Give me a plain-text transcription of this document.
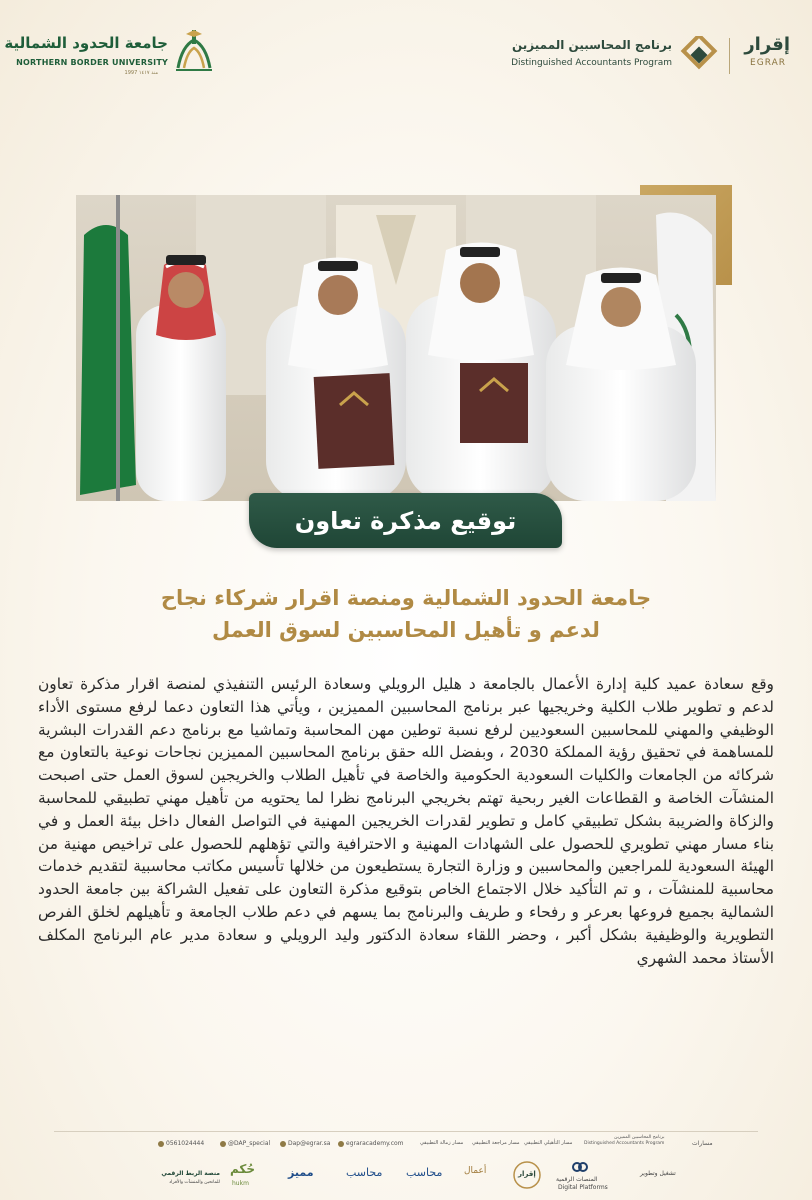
جامعة الحدود الشمالية
NORTHERN BORDER UNIVERSITY
1997 ۱٤۱۷ منذ
إقرار
EGRAR
برنامج المحاسبين المميزين
Distinguished Accountants Program
توقيع مذكرة تعاون
جامعة الحدود الشمالية ومنصة اقرار شركاء نجاح
لدعم و تأهيل المحاسبين لسوق العمل
وقع سعادة عميد كلية إدارة الأعمال بالجامعة د هليل الرويلي وسعادة الرئيس التنفيذي لمنصة اقرار مذكرة تعاون لدعم و تطوير طلاب الكلية وخريجيها عبر برنامج المحاسبين المميزين ، ويأتي هذا التعاون دعما لرفع مستوى الأداء الوظيفي والمهني للمحاسبين السعوديين لرفع نسبة توطين مهن المحاسبة وتماشيا مع برنامج دعم القدرات البشرية للمساهمة في تحقيق رؤية المملكة 2030 ، وبفضل الله حقق برنامج المحاسبين المميزين نجاحات نوعية بالتعاون مع شركائه من الجامعات والكليات السعودية الحكومية والخاصة في تأهيل الطلاب والخريجين لسوق العمل حتى اصبحت المنشآت الخاصة و القطاعات الغير ربحية تهتم بخريجي البرنامج نظرا لما يحتويه من تأهيل مهني تطبيقي للمحاسبة والزكاة والضريبة بشكل تطبيقي كامل و تطوير لقدرات الخريجين المهنية في التواصل الفعال داخل بيئة العمل و في بناء مسار مهني تطويري للحصول على الشهادات المهنية و الاحترافية والتي تؤهلهم للحصول على تراخيص مهنية من الهيئة السعودية للمراجعين والمحاسبين و وزارة التجارة يستطيعون من خلالها تأسيس مكاتب محاسبية لتقديم خدمات محاسبية للمنشآت ، و تم التأكيد خلال الاجتماع الخاص بتوقيع مذكرة التعاون على تفعيل الشراكة بين جامعة الحدود الشمالية بجميع فروعها بعرعر و رفحاء و طريف والبرنامج بما يسهم في دعم طلاب الجامعة و تأهيلهم لخلق الفرص التطويرية والوظيفية بشكل أكبر ، وحضر اللقاء سعادة الدكتور وليد الرويلي و سعادة مدير عام البرنامج المكلف الأستاذ محمد الشهري
0561024444	@DAP_special	Dap@egrar.sa	egraracademy.com	مسار زمالة التطبيقي	مسار مراجعة التطبيقي	مسار التأهيلي التطبيقي
برنامج المحاسبين المميزين
Distinguished Accountants Program	مسارات
منصة الربط الرقمي
للمانحين والمنشآت والأفراد
حُكم
hukm
مميز	محاسب محاسب أعمال	إقرار
المنصات الرقمية
Digital Platforms
تشغيل وتطوير
